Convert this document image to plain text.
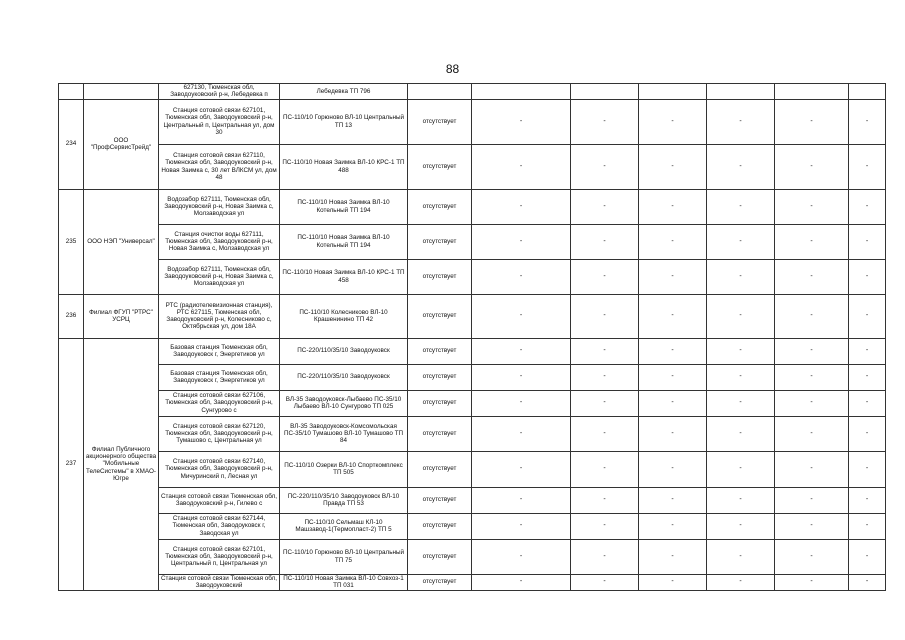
88
		627130, Тюменская обл, Заводоуковский р-н, Лебедевка п	Лебедевка ТП 796							
234	ООО "ПрофСервисТрейд"	Станция сотовой связи 627101, Тюменская обл, Заводоуковский р-н, Центральный п, Центральная ул, дом 30	ПС-110/10 Горюново ВЛ-10 Центральный ТП 13	отсутствует	-	-	-	-	-	-
		Станция сотовой связи 627110, Тюменская обл, Заводоуковский р-н, Новая Заимка с, 30 лет ВЛКСМ ул, дом 48	ПС-110/10 Новая Заимка ВЛ-10 КРС-1 ТП 488	отсутствует	-	-	-	-	-	-
235	ООО НЭП "Универсал"	Водозабор 627111, Тюменская обл, Заводоуковский р-н, Новая Заимка с, Молзаводская ул	ПС-110/10 Новая Заимка ВЛ-10 Котельный ТП 194	отсутствует	-	-	-	-	-	-
		Станция очистки воды 627111, Тюменская обл, Заводоуковский р-н, Новая Заимка с, Молзаводская ул	ПС-110/10 Новая Заимка ВЛ-10 Котельный ТП 194	отсутствует	-	-	-	-	-	-
		Водозабор 627111, Тюменская обл, Заводоуковский р-н, Новая Заимка с, Молзаводская ул	ПС-110/10 Новая Заимка ВЛ-10 КРС-1 ТП 458	отсутствует	-	-	-	-	-	-
236	Филиал ФГУП "РТРС" УСРЦ	РТС (радиотелевизионная станция), РТС 627115, Тюменская обл, Заводоуковский р-н, Колесниково с, Октябрьская ул, дом 18А	ПС-110/10 Колесниково ВЛ-10 Крашенинино ТП 42	отсутствует	-	-	-	-	-	-
237	Филиал Публичного акционерного общества "Мобильные ТелеСистемы" в ХМАО-Югре	Базовая станция Тюменская обл, Заводоуковск г, Энергетиков ул	ПС-220/110/35/10 Заводоуковск	отсутствует	-	-	-	-	-	-
		Базовая станция Тюменская обл, Заводоуковск г, Энергетиков ул	ПС-220/110/35/10 Заводоуковск	отсутствует	-	-	-	-	-	-
		Станция сотовой связи 627106, Тюменская обл, Заводоуковский р-н, Сунгурово с	ВЛ-35 Заводоуковск-Лыбаево ПС-35/10 Лыбаево ВЛ-10 Сунгурово ТП 025	отсутствует	-	-	-	-	-	-
		Станция сотовой связи 627120, Тюменская обл, Заводоуковский р-н, Тумашово с, Центральная ул	ВЛ-35 Заводоуковск-Комсомольская ПС-35/10 Тумашово ВЛ-10 Тумашово ТП 84	отсутствует	-	-	-	-	-	-
		Станция сотовой связи 627140, Тюменская обл, Заводоуковский р-н, Мичуринский п, Лесная ул	ПС-110/10 Озерки ВЛ-10 Спорткомплекс ТП 505	отсутствует	-	-	-	-	-	-
		Станция сотовой связи Тюменская обл, Заводоуковский р-н, Гилево с	ПС-220/110/35/10 Заводоуковск ВЛ-10 Правда ТП 53	отсутствует	-	-	-	-	-	-
		Станция сотовой связи 627144, Тюменская обл, Заводоуковск г, Заводская ул	ПС-110/10 Сельмаш КЛ-10 Машзавод-1(Термопласт-2) ТП 5	отсутствует	-	-	-	-	-	-
		Станция сотовой связи 627101, Тюменская обл, Заводоуковский р-н, Центральный п, Центральная ул	ПС-110/10 Горюново ВЛ-10 Центральный ТП 75	отсутствует	-	-	-	-	-	-
		Станция сотовой связи Тюменская обл, Заводоуковский	ПС-110/10 Новая Заимка ВЛ-10 Совхоз-1 ТП 031	отсутствует	-	-	-	-	-	-
